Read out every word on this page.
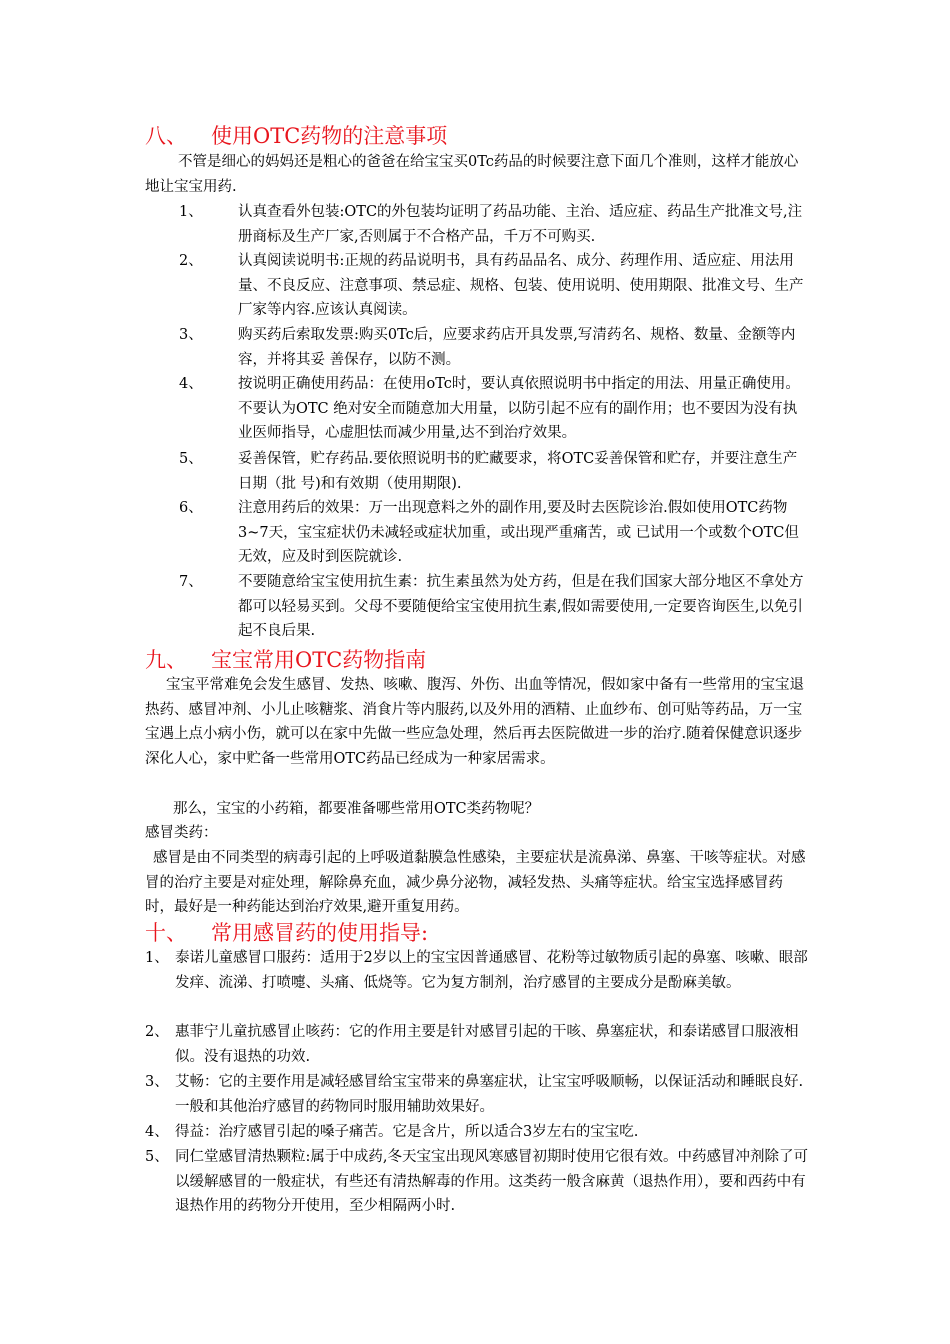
八、 使用OTC药物的注意事项
不管是细心的妈妈还是粗心的爸爸在给宝宝买0Tc药品的时候要注意下面几个准则，这样才能放心地让宝宝用药.
1、 认真查看外包装:OTC的外包装均证明了药品功能、主治、适应症、药品生产批准文号,注册商标及生产厂家,否则属于不合格产品，千万不可购买.
2、 认真阅读说明书:正规的药品说明书，具有药品品名、成分、药理作用、适应症、用法用量、不良反应、注意事项、禁忌症、规格、包装、使用说明、使用期限、批准文号、生产厂家等内容.应该认真阅读。
3、 购买药后索取发票:购买0Tc后，应要求药店开具发票,写清药名、规格、数量、金额等内容，并将其妥 善保存，以防不测。
4、 按说明正确使用药品：在使用oTc时，要认真依照说明书中指定的用法、用量正确使用。不要认为OTC 绝对安全而随意加大用量，以防引起不应有的副作用；也不要因为没有执业医师指导，心虚胆怯而减少用量,达不到治疗效果。
5、 妥善保管，贮存药品.要依照说明书的贮藏要求，将OTC妥善保管和贮存，并要注意生产日期（批 号)和有效期（使用期限).
6、 注意用药后的效果：万一出现意料之外的副作用,要及时去医院诊治.假如使用OTC药物3~7天，宝宝症状仍未减轻或症状加重，或出现严重痛苦，或 已试用一个或数个OTC但无效，应及时到医院就诊.
7、 不要随意给宝宝使用抗生素：抗生素虽然为处方药，但是在我们国家大部分地区不拿处方都可以轻易买到。父母不要随便给宝宝使用抗生素,假如需要使用,一定要咨询医生,以免引起不良后果.
九、 宝宝常用OTC药物指南
宝宝平常难免会发生感冒、发热、咳嗽、腹泻、外伤、出血等情况，假如家中备有一些常用的宝宝退热药、感冒冲剂、小儿止咳糖浆、消食片等内服药,以及外用的酒精、止血纱布、创可贴等药品，万一宝宝遇上点小病小伤，就可以在家中先做一些应急处理，然后再去医院做进一步的治疗.随着保健意识逐步深化人心，家中贮备一些常用OTC药品已经成为一种家居需求。
那么，宝宝的小药箱，都要准备哪些常用OTC类药物呢？
感冒类药：
感冒是由不同类型的病毒引起的上呼吸道黏膜急性感染，主要症状是流鼻涕、鼻塞、干咳等症状。对感冒的治疗主要是对症处理，解除鼻充血，减少鼻分泌物，减轻发热、头痛等症状。给宝宝选择感冒药时，最好是一种药能达到治疗效果,避开重复用药。
十、 常用感冒药的使用指导:
1、 泰诺儿童感冒口服药：适用于2岁以上的宝宝因普通感冒、花粉等过敏物质引起的鼻塞、咳嗽、眼部发痒、流涕、打喷嚏、头痛、低烧等。它为复方制剂，治疗感冒的主要成分是酚麻美敏。
2、 惠菲宁儿童抗感冒止咳药：它的作用主要是针对感冒引起的干咳、鼻塞症状，和泰诺感冒口服液相似。没有退热的功效.
3、 艾畅：它的主要作用是减轻感冒给宝宝带来的鼻塞症状，让宝宝呼吸顺畅，以保证活动和睡眠良好.一般和其他治疗感冒的药物同时服用辅助效果好。
4、 得益：治疗感冒引起的嗓子痛苦。它是含片，所以适合3岁左右的宝宝吃.
5、 同仁堂感冒清热颗粒:属于中成药,冬天宝宝出现风寒感冒初期时使用它很有效。中药感冒冲剂除了可以缓解感冒的一般症状，有些还有清热解毒的作用。这类药一般含麻黄（退热作用），要和西药中有退热作用的药物分开使用，至少相隔两小时.
